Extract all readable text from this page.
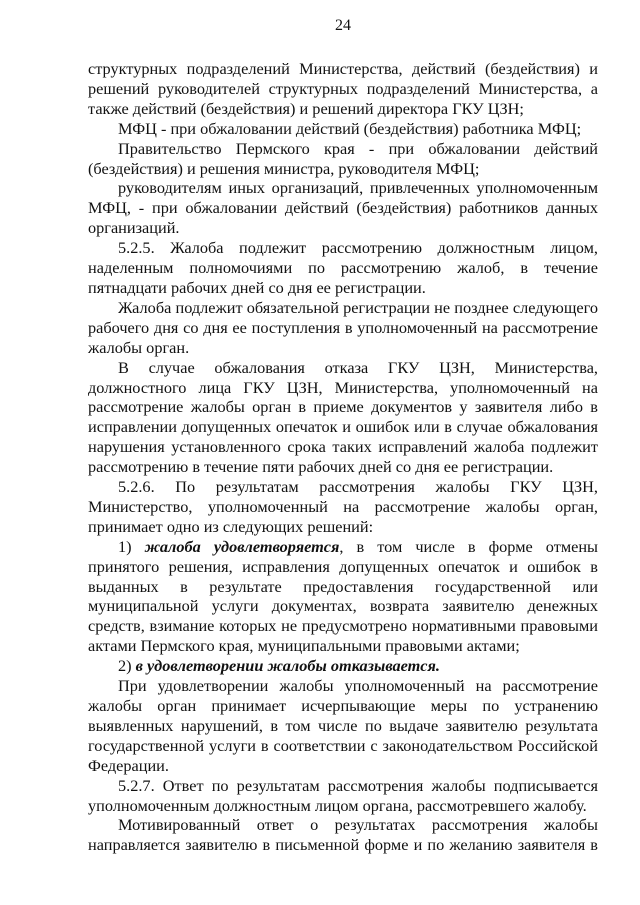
24

структурных подразделений Министерства, действий (бездействия) и решений руководителей структурных подразделений Министерства, а также действий (бездействия) и решений директора ГКУ ЦЗН;

МФЦ - при обжаловании действий (бездействия) работника МФЦ;

Правительство Пермского края - при обжаловании действий (бездействия) и решения министра, руководителя МФЦ;

руководителям иных организаций, привлеченных уполномоченным МФЦ, - при обжаловании действий (бездействия) работников данных организаций.

5.2.5. Жалоба подлежит рассмотрению должностным лицом, наделенным полномочиями по рассмотрению жалоб, в течение пятнадцати рабочих дней со дня ее регистрации.

Жалоба подлежит обязательной регистрации не позднее следующего рабочего дня со дня ее поступления в уполномоченный на рассмотрение жалобы орган.

В случае обжалования отказа ГКУ ЦЗН, Министерства, должностного лица ГКУ ЦЗН, Министерства, уполномоченный на рассмотрение жалобы орган в приеме документов у заявителя либо в исправлении допущенных опечаток и ошибок или в случае обжалования нарушения установленного срока таких исправлений жалоба подлежит рассмотрению в течение пяти рабочих дней со дня ее регистрации.

5.2.6. По результатам рассмотрения жалобы ГКУ ЦЗН, Министерство, уполномоченный на рассмотрение жалобы орган, принимает одно из следующих решений:

1) жалоба удовлетворяется, в том числе в форме отмены принятого решения, исправления допущенных опечаток и ошибок в выданных в результате предоставления государственной или муниципальной услуги документах, возврата заявителю денежных средств, взимание которых не предусмотрено нормативными правовыми актами Пермского края, муниципальными правовыми актами;

2) в удовлетворении жалобы отказывается.

При удовлетворении жалобы уполномоченный на рассмотрение жалобы орган принимает исчерпывающие меры по устранению выявленных нарушений, в том числе по выдаче заявителю результата государственной услуги в соответствии с законодательством Российской Федерации.

5.2.7. Ответ по результатам рассмотрения жалобы подписывается уполномоченным должностным лицом органа, рассмотревшего жалобу.

Мотивированный ответ о результатах рассмотрения жалобы направляется заявителю в письменной форме и по желанию заявителя в
